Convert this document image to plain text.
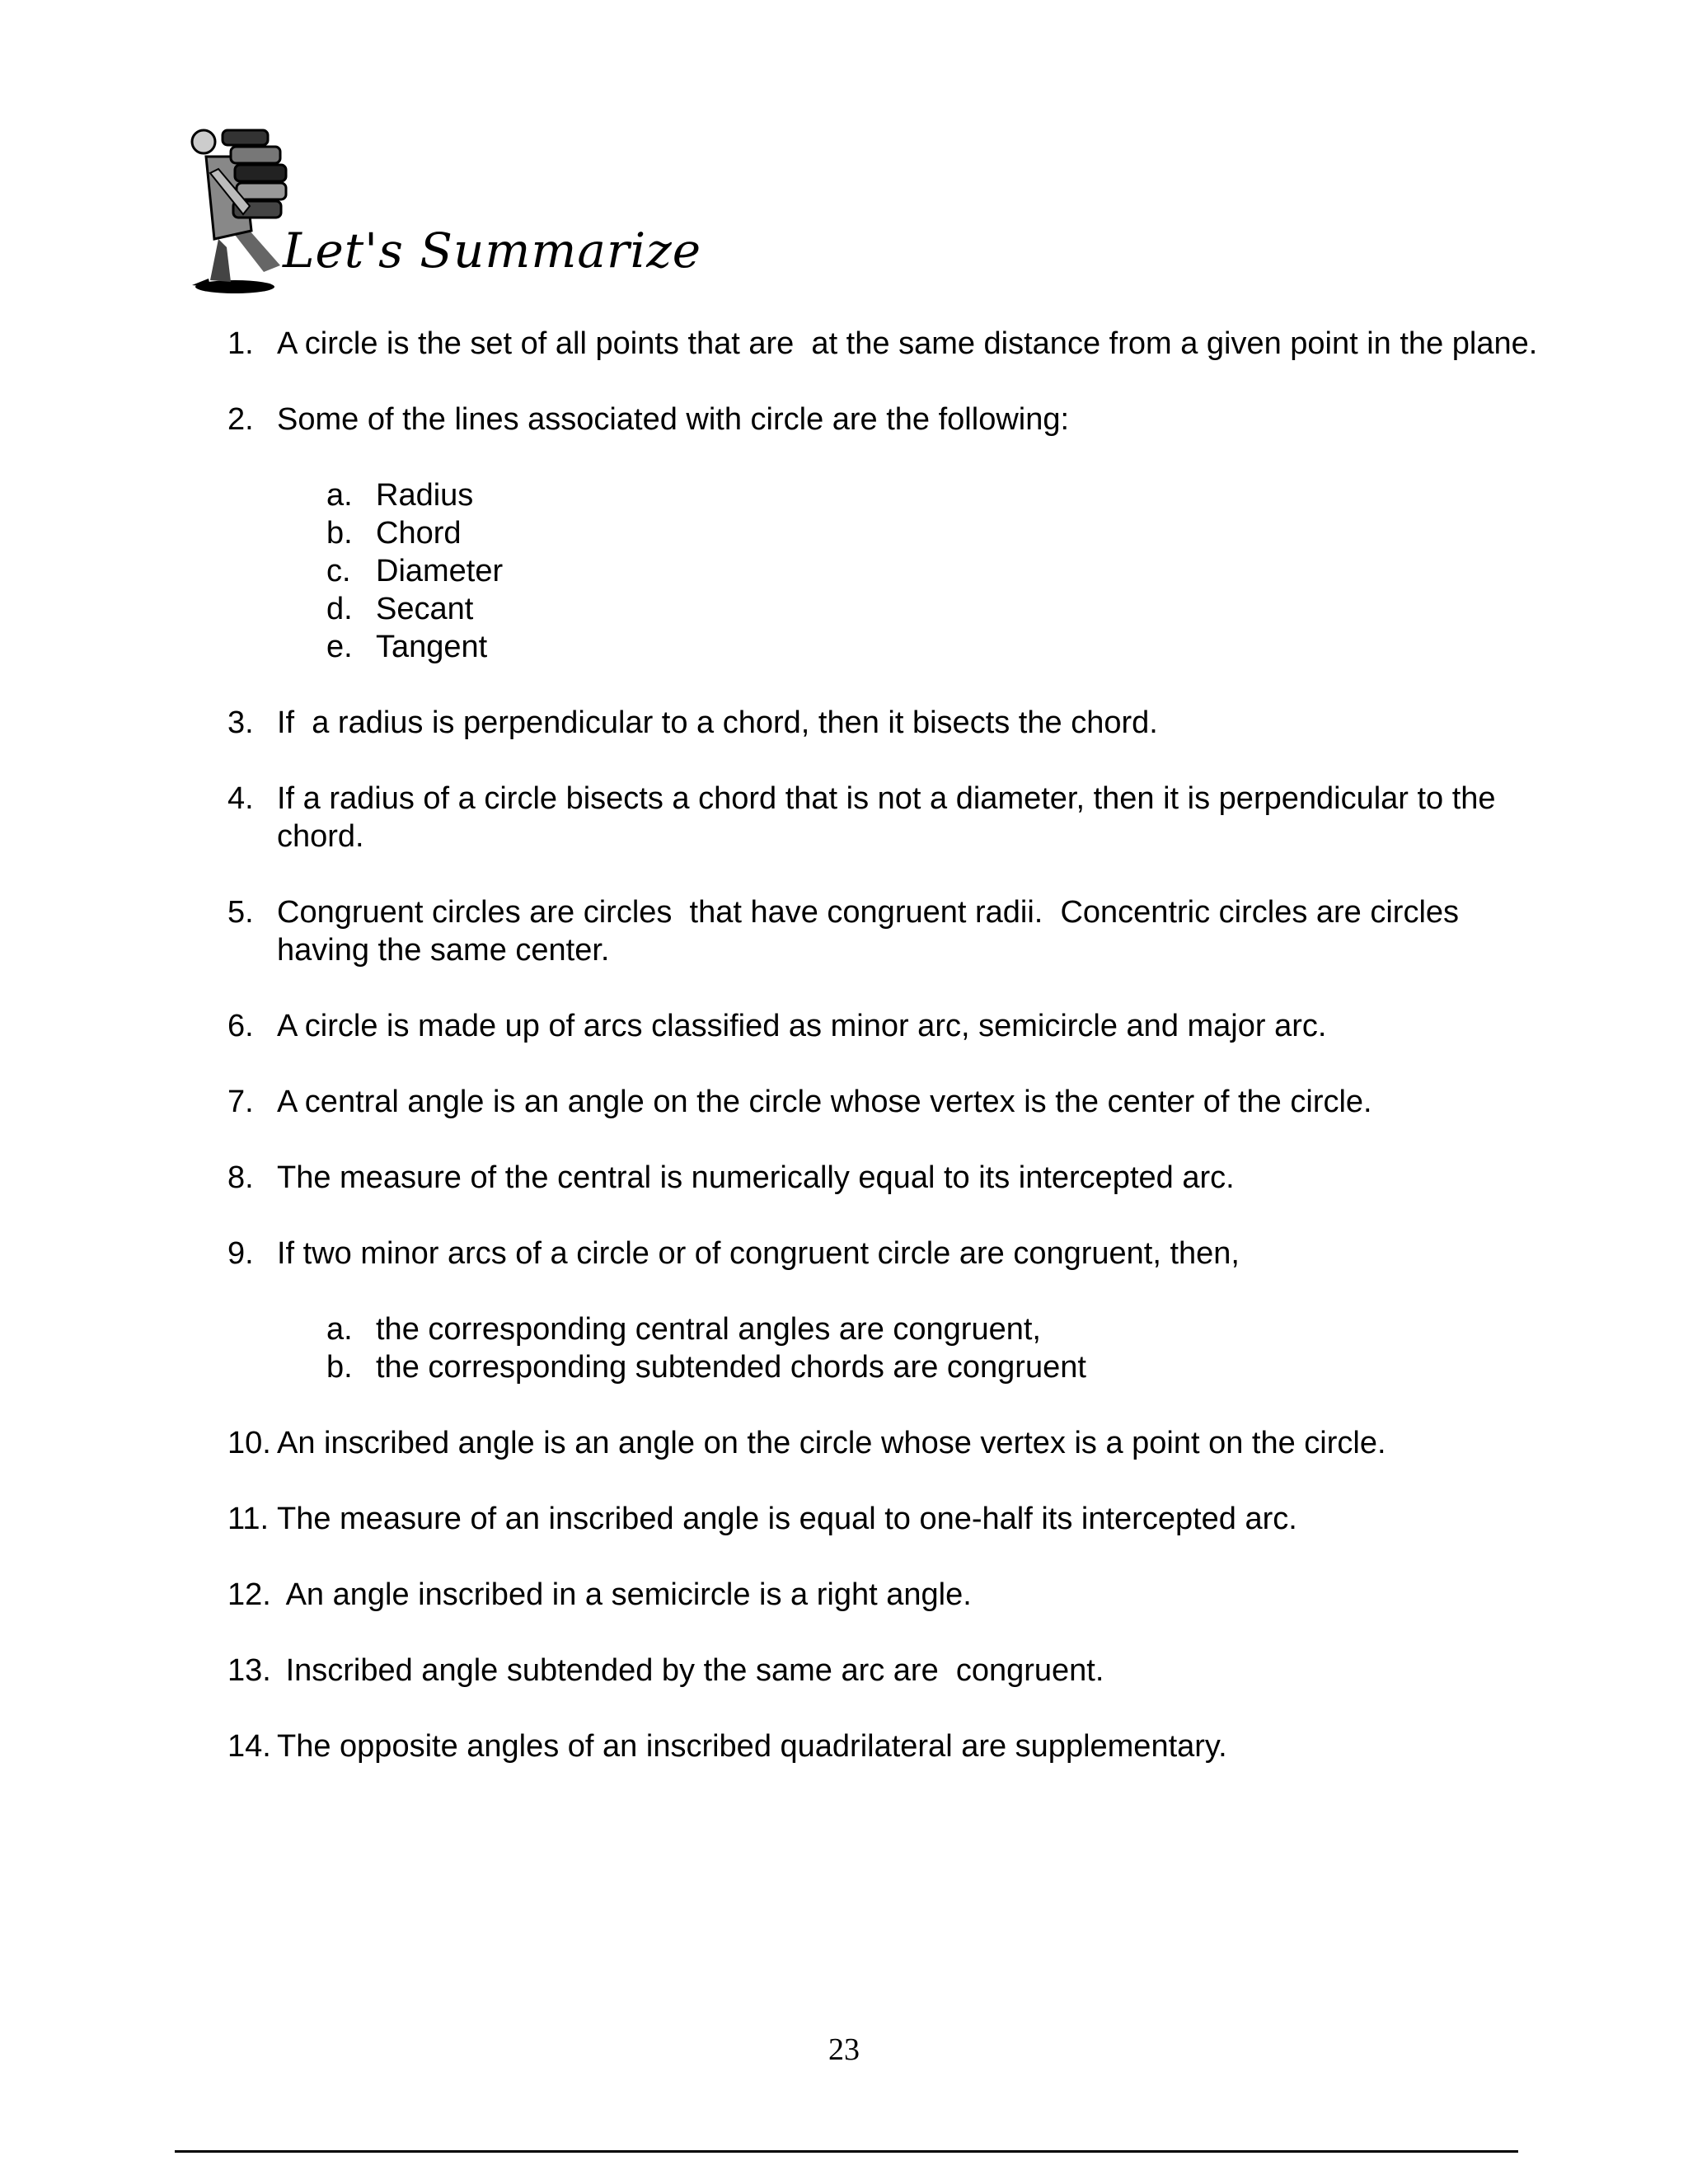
Let's Summarize
1. A circle is the set of all points that are  at the same distance from a given point in the plane.
2. Some of the lines associated with circle are the following:
a. Radius
b. Chord
c. Diameter
d. Secant
e. Tangent
3. If  a radius is perpendicular to a chord, then it bisects the chord.
4. If a radius of a circle bisects a chord that is not a diameter, then it is perpendicular to the chord.
5. Congruent circles are circles  that have congruent radii.  Concentric circles are circles having the same center.
6. A circle is made up of arcs classified as minor arc, semicircle and major arc.
7. A central angle is an angle on the circle whose vertex is the center of the circle.
8. The measure of the central is numerically equal to its intercepted arc.
9. If two minor arcs of a circle or of congruent circle are congruent, then,
a. the corresponding central angles are congruent,
b. the corresponding subtended chords are congruent
10. An inscribed angle is an angle on the circle whose vertex is a point on the circle.
11. The measure of an inscribed angle is equal to one-half its intercepted arc.
12. An angle inscribed in a semicircle is a right angle.
13. Inscribed angle subtended by the same arc are  congruent.
14. The opposite angles of an inscribed quadrilateral are supplementary.
23
